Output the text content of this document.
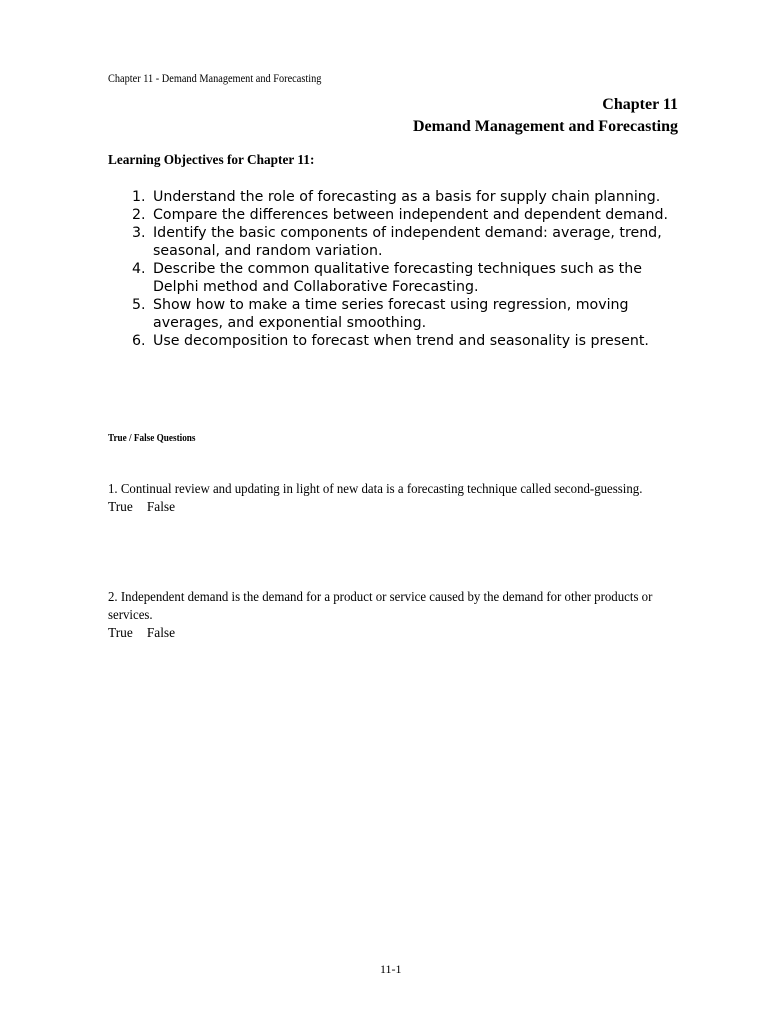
Chapter 11 - Demand Management and Forecasting
Chapter 11
Demand Management and Forecasting
Learning Objectives for Chapter 11:
1. Understand the role of forecasting as a basis for supply chain planning.
2. Compare the differences between independent and dependent demand.
3. Identify the basic components of independent demand: average, trend, seasonal, and random variation.
4. Describe the common qualitative forecasting techniques such as the Delphi method and Collaborative Forecasting.
5. Show how to make a time series forecast using regression, moving averages, and exponential smoothing.
6. Use decomposition to forecast when trend and seasonality is present.
True / False Questions
1. Continual review and updating in light of new data is a forecasting technique called second-guessing.
True False
2. Independent demand is the demand for a product or service caused by the demand for other products or services.
True False
11-1
